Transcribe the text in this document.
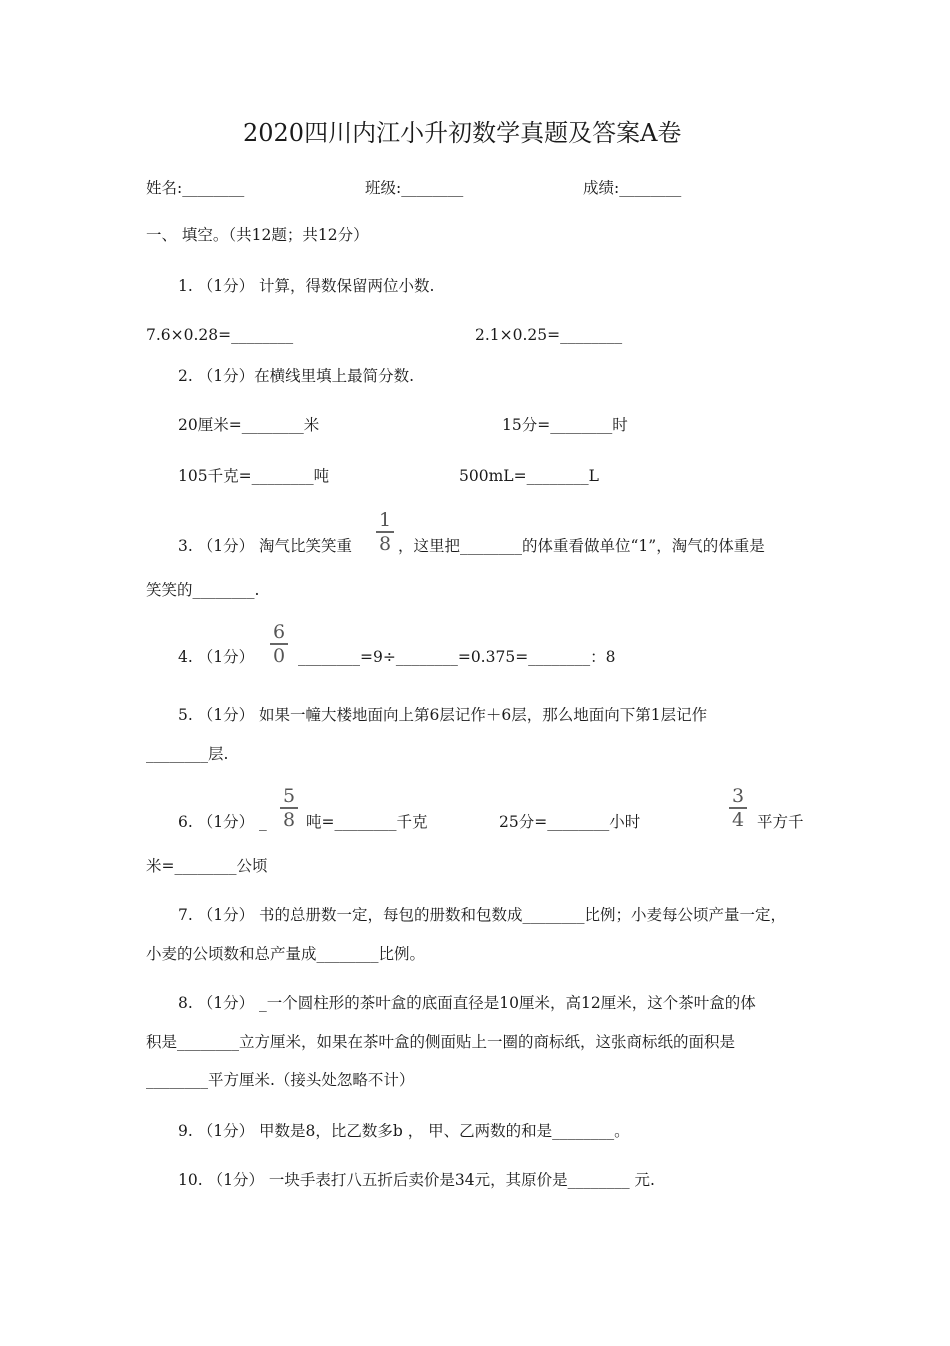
2020四川内江小升初数学真题及答案A卷
姓名:________	班级:________	成绩:________
一、 填空。（共12题；共12分）
1. （1分） 计算，得数保留两位小数.
7.6×0.28=________	2.1×0.25=________
2. （1分）在横线里填上最简分数.
20厘米=________米	15分=________时
105千克=________吨	500mL=________L
3. （1分） 淘气比笑笑重
1
8 ，这里把________的体重看做单位“1”，淘气的体重是
笑笑的________.
4. （1分）
6
0 ________=9÷________=0.375=________：8
5. （1分） 如果一幢大楼地面向上第6层记作＋6层，那么地面向下第1层记作
________层.
6. （1分） _
5
8 吨=________千克	25分=________小时
3
4 平方千
米=________公顷
7. （1分） 书的总册数一定，每包的册数和包数成________比例；小麦每公顷产量一定，
小麦的公顷数和总产量成________比例。
8. （1分） _一个圆柱形的茶叶盒的底面直径是10厘米，高12厘米，这个茶叶盒的体
积是________立方厘米，如果在茶叶盒的侧面贴上一圈的商标纸，这张商标纸的面积是
________平方厘米.（接头处忽略不计）
9. （1分） 甲数是8，比乙数多b ， 甲、乙两数的和是________。
10. （1分） 一块手表打八五折后卖价是34元，其原价是________ 元.
